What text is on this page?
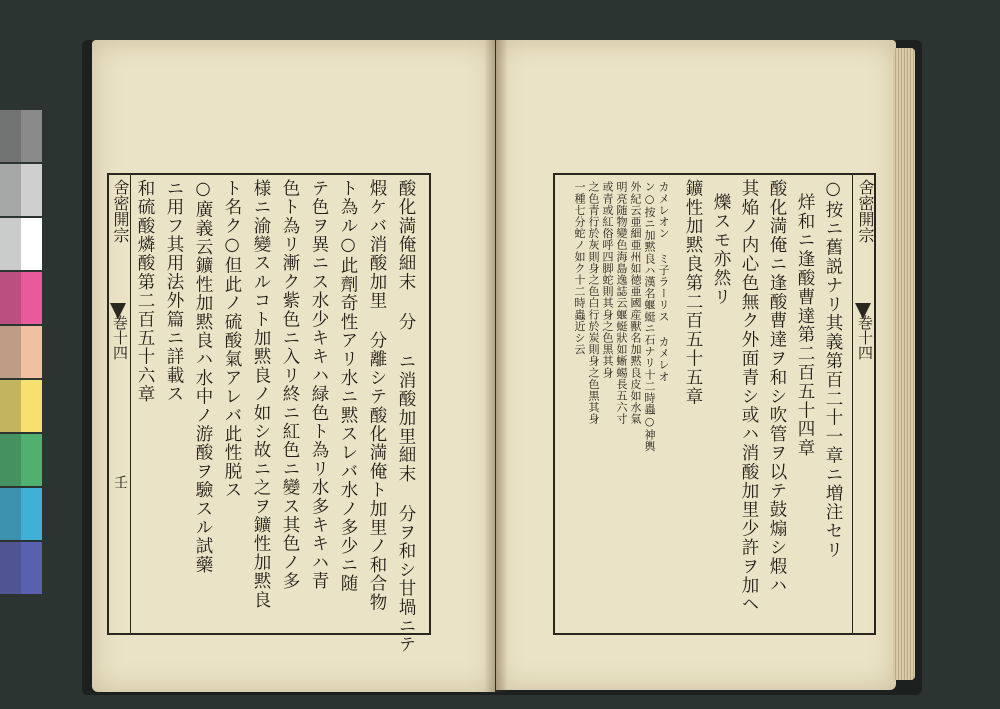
舍密開宗
巻十四
壬	酸化満俺細末 分 ニ消酸加里細末 分ヲ和シ甘堝ニテ
煆ケバ消酸加里 分離シテ酸化満俺ト加里ノ和合物
ト為ル○此劑奇性アリ水ニ黙スレバ水ノ多少ニ随
テ色ヲ異ニス水少キキハ緑色ト為リ水多キキハ青
色ト為リ漸ク紫色ニ入リ終ニ紅色ニ變ス其色ノ多
様ニ渝變スルコト加黙良ノ如シ故ニ之ヲ鑛性加黙良
ト名ク○但此ノ硫酸氣アレバ此性脱ス
○廣義云鑛性加黙良ハ水中ノ游酸ヲ驗スル試藥
ニ用フ其用法外篇ニ詳載ス
和硫酸燐酸第二百五十六章	舍密開宗
巻十四
○按ニ舊説ナリ其義第百二十一章ニ増注セリ
烊和ニ逢酸曹達第二百五十四章
酸化満俺ニ逢酸曹達ヲ和シ吹管ヲ以テ鼓煽シ煆ハ
其焔ノ内心色無ク外面青シ或ハ消酸加里少許ヲ加ヘ
爍スモ亦然リ
鑛性加黙良第二百五十五章
カメレオン ミ子ラーリス カメレオ
ン○按ニ加黙良ハ漢名蝘蜓ニ石ナリ十二時蟲○神輿
外紀云亜細亜州如徳亜國産獸名加黙良皮如水氣
明亮随物變色海島逸誌云蝘蜓狀如蜥蜴長五六寸
或青或紅俗呼四脚蛇則其身之色黒其身
之色青行於灰則身之色白行於炭則身之色黒其身
一種七分蛇ノ如ク十二時蟲近シ云
